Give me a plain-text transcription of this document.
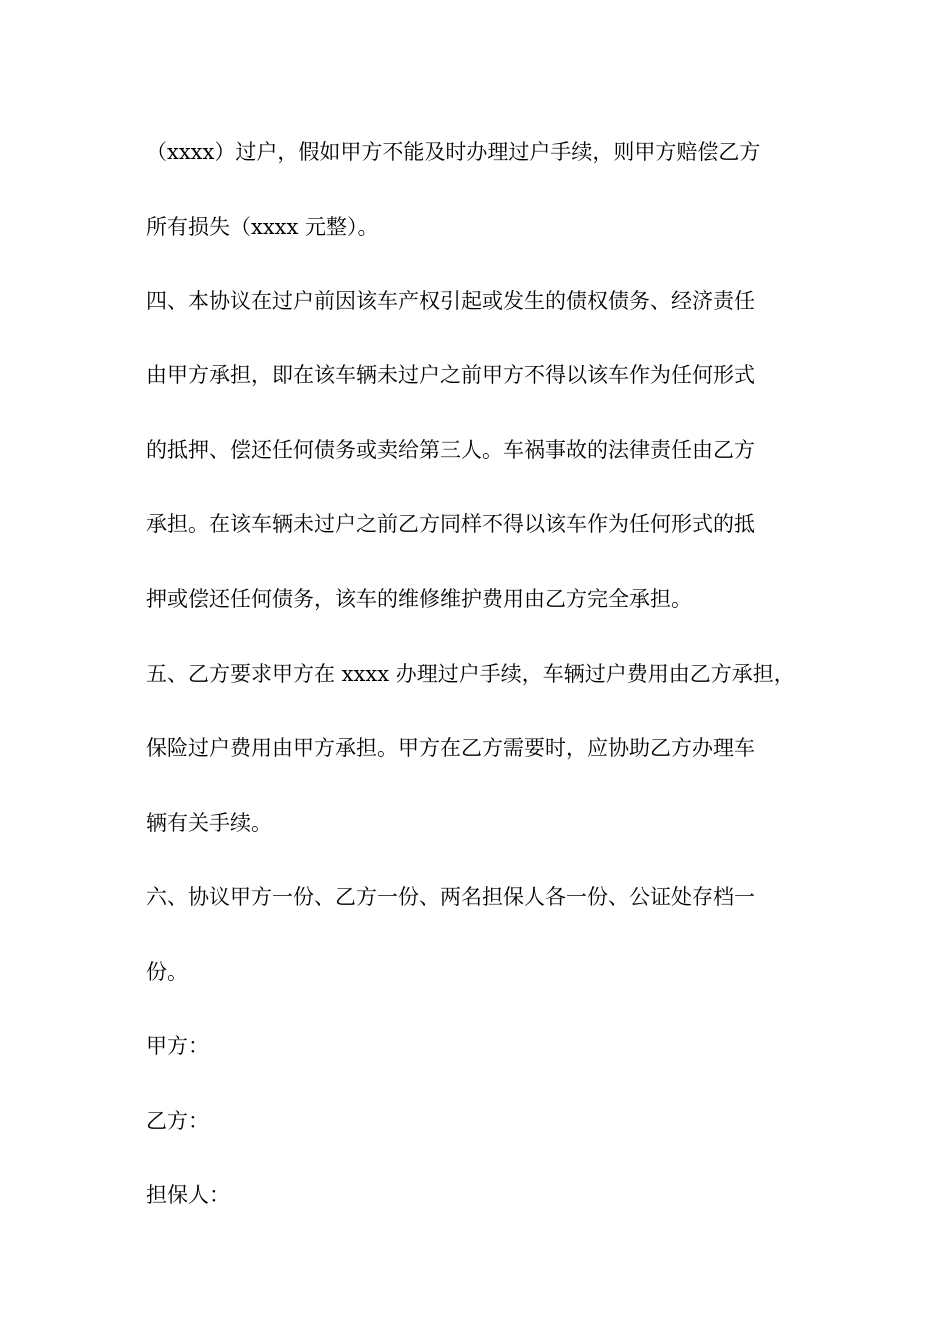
（xxxx）过户，假如甲方不能及时办理过户手续，则甲方赔偿乙方
所有损失（xxxx 元整）。
四、本协议在过户前因该车产权引起或发生的债权债务、经济责任
由甲方承担，即在该车辆未过户之前甲方不得以该车作为任何形式
的抵押、偿还任何债务或卖给第三人。车祸事故的法律责任由乙方
承担。在该车辆未过户之前乙方同样不得以该车作为任何形式的抵
押或偿还任何债务，该车的维修维护费用由乙方完全承担。
五、乙方要求甲方在 xxxx 办理过户手续，车辆过户费用由乙方承担，
保险过户费用由甲方承担。甲方在乙方需要时，应协助乙方办理车
辆有关手续。
六、协议甲方一份、乙方一份、两名担保人各一份、公证处存档一
份。
甲方：
乙方：
担保人：
